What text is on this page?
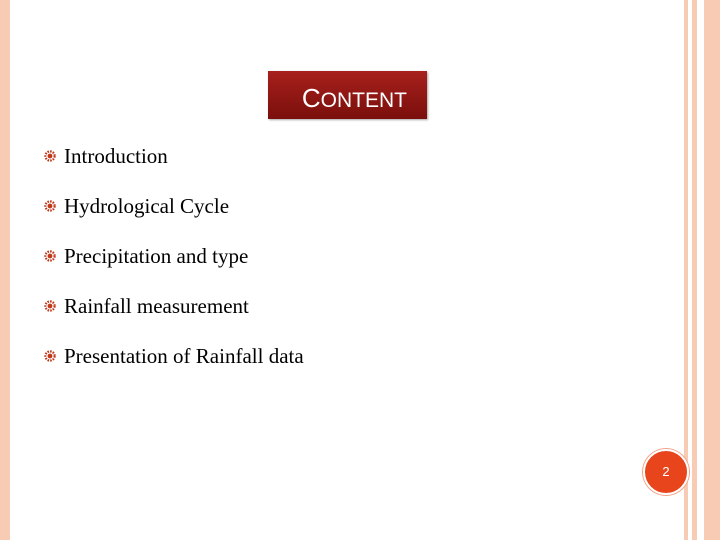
CONTENT
Introduction
Hydrological Cycle
Precipitation and type
Rainfall measurement
Presentation of Rainfall data
2
